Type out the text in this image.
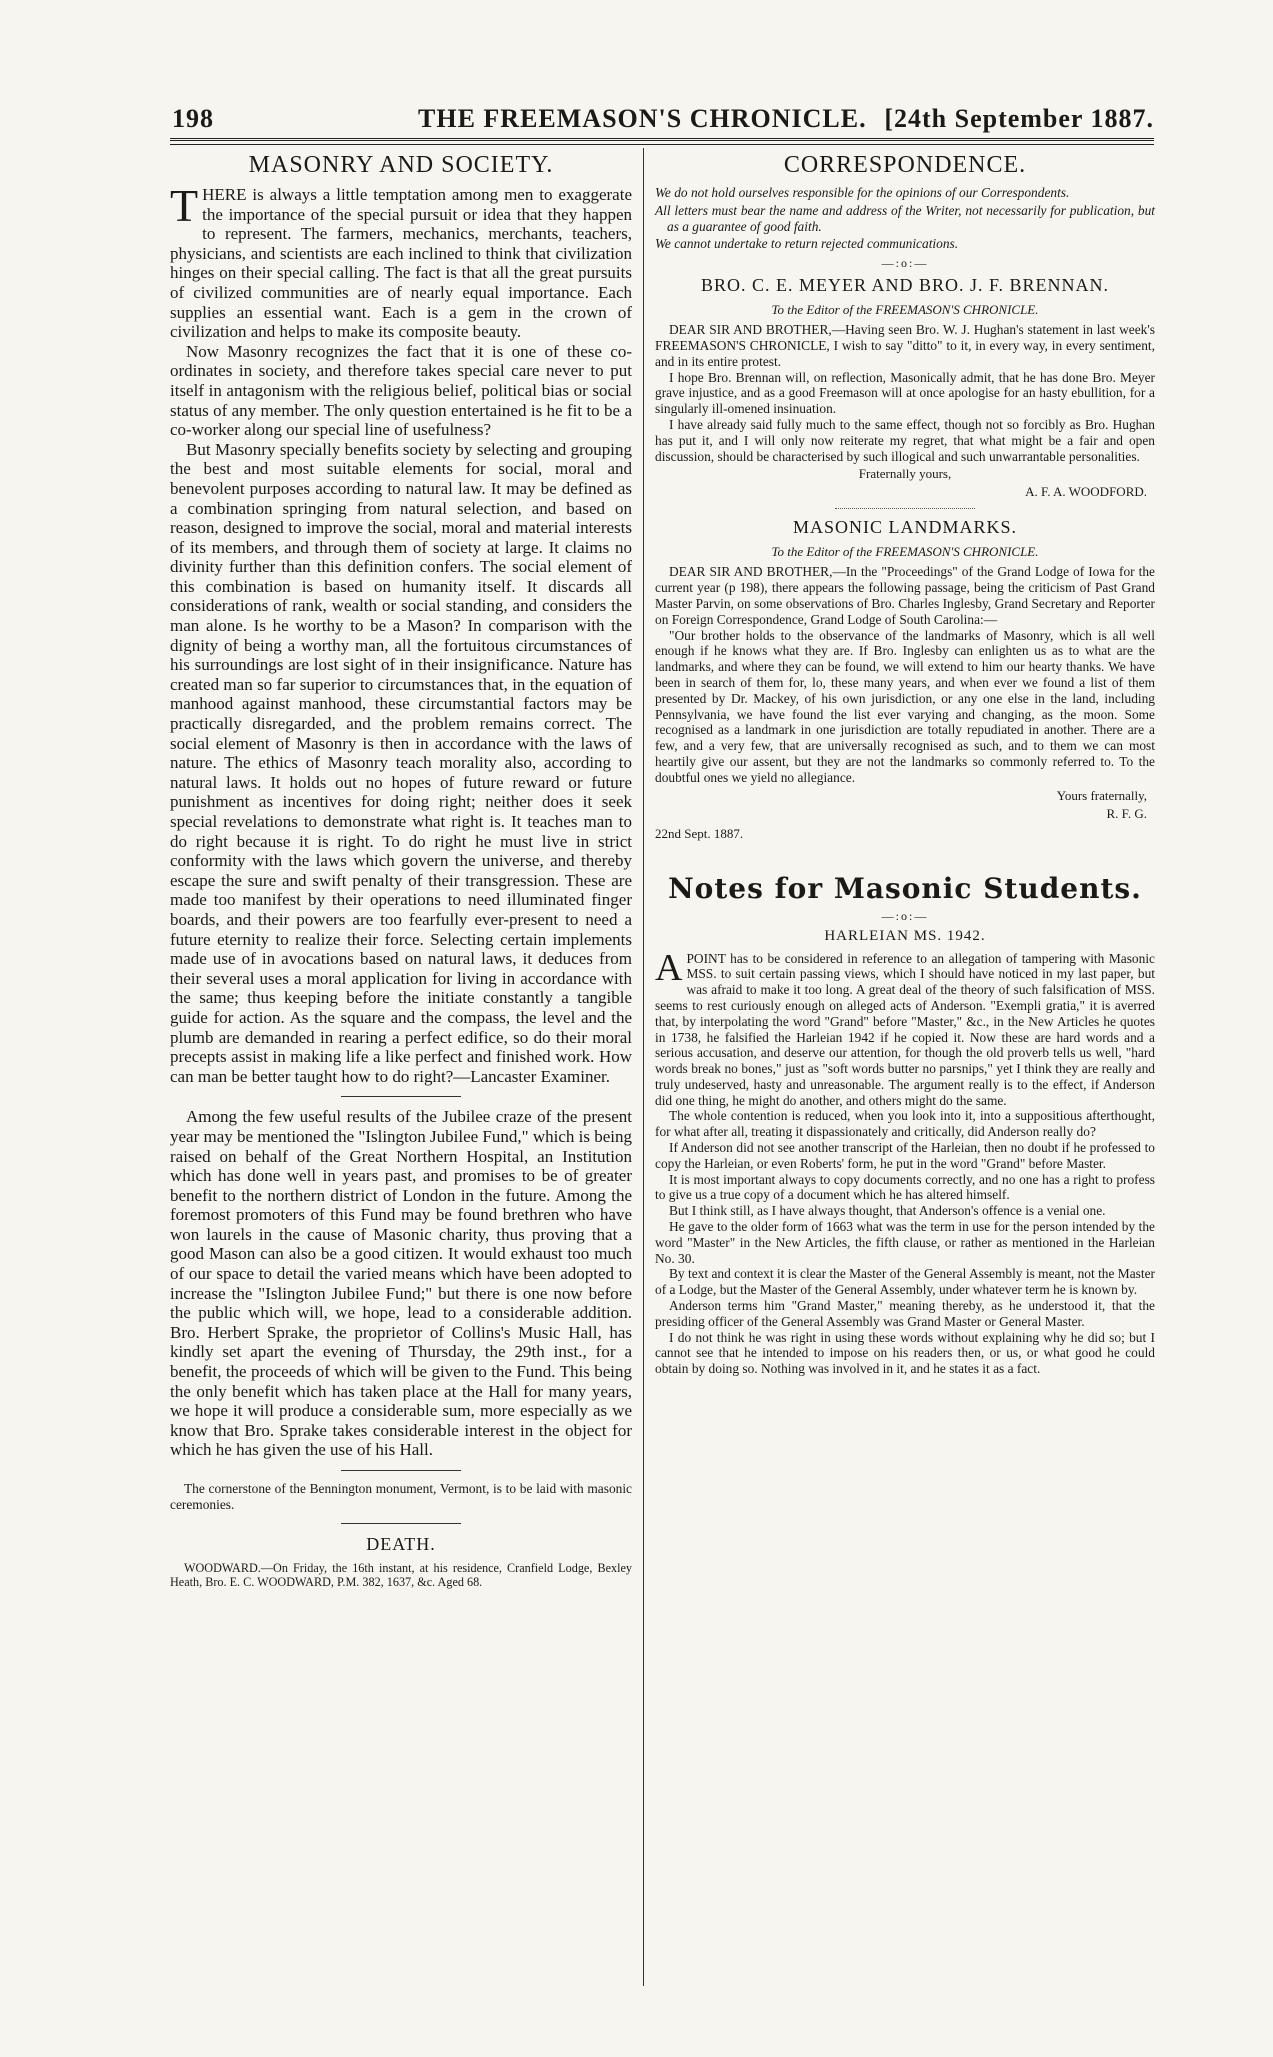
198	THE FREEMASON'S CHRONICLE. [24th September 1887.
MASONRY AND SOCIETY.

THERE is always a little temptation among men to exaggerate the importance of the special pursuit or idea that they happen to represent. The farmers, mechanics, merchants, teachers, physicians, and scientists are each inclined to think that civilization hinges on their special calling. The fact is that all the great pursuits of civilized communities are of nearly equal importance. Each supplies an essential want. Each is a gem in the crown of civilization and helps to make its composite beauty.

Now Masonry recognizes the fact that it is one of these co-ordinates in society, and therefore takes special care never to put itself in antagonism with the religious belief, political bias or social status of any member. The only question entertained is he fit to be a co-worker along our special line of usefulness?

But Masonry specially benefits society by selecting and grouping the best and most suitable elements for social, moral and benevolent purposes according to natural law. It may be defined as a combination springing from natural selection, and based on reason, designed to improve the social, moral and material interests of its members, and through them of society at large. It claims no divinity further than this definition confers. The social element of this combination is based on humanity itself. It discards all considerations of rank, wealth or social standing, and considers the man alone. Is he worthy to be a Mason? In comparison with the dignity of being a worthy man, all the fortuitous circumstances of his surroundings are lost sight of in their insignificance. Nature has created man so far superior to circumstances that, in the equation of manhood against manhood, these circumstantial factors may be practically disregarded, and the problem remains correct. The social element of Masonry is then in accordance with the laws of nature. The ethics of Masonry teach morality also, according to natural laws. It holds out no hopes of future reward or future punishment as incentives for doing right; neither does it seek special revelations to demonstrate what right is. It teaches man to do right because it is right. To do right he must live in strict conformity with the laws which govern the universe, and thereby escape the sure and swift penalty of their transgression. These are made too manifest by their operations to need illuminated finger boards, and their powers are too fearfully ever-present to need a future eternity to realize their force. Selecting certain implements made use of in avocations based on natural laws, it deduces from their several uses a moral application for living in accordance with the same; thus keeping before the initiate constantly a tangible guide for action. As the square and the compass, the level and the plumb are demanded in rearing a perfect edifice, so do their moral precepts assist in making life a like perfect and finished work. How can man be better taught how to do right?—Lancaster Examiner.

Among the few useful results of the Jubilee craze of the present year may be mentioned the "Islington Jubilee Fund," which is being raised on behalf of the Great Northern Hospital, an Institution which has done well in years past, and promises to be of greater benefit to the northern district of London in the future. Among the foremost promoters of this Fund may be found brethren who have won laurels in the cause of Masonic charity, thus proving that a good Mason can also be a good citizen. It would exhaust too much of our space to detail the varied means which have been adopted to increase the "Islington Jubilee Fund;" but there is one now before the public which will, we hope, lead to a considerable addition. Bro. Herbert Sprake, the proprietor of Collins's Music Hall, has kindly set apart the evening of Thursday, the 29th inst., for a benefit, the proceeds of which will be given to the Fund. This being the only benefit which has taken place at the Hall for many years, we hope it will produce a considerable sum, more especially as we know that Bro. Sprake takes considerable interest in the object for which he has given the use of his Hall.

The cornerstone of the Bennington monument, Vermont, is to be laid with masonic ceremonies.

DEATH.

WOODWARD.—On Friday, the 16th instant, at his residence, Cranfield Lodge, Bexley Heath, Bro. E. C. WOODWARD, P.M. 382, 1637, &c. Aged 68.

CORRESPONDENCE.

We do not hold ourselves responsible for the opinions of our Correspondents.

All letters must bear the name and address of the Writer, not necessarily for publication, but as a guarantee of good faith.

We cannot undertake to return rejected communications.

—:o:—
BRO. C. E. MEYER AND BRO. J. F. BRENNAN.
To the Editor of the FREEMASON'S CHRONICLE.

DEAR SIR AND BROTHER,—Having seen Bro. W. J. Hughan's statement in last week's FREEMASON'S CHRONICLE, I wish to say "ditto" to it, in every way, in every sentiment, and in its entire protest.

I hope Bro. Brennan will, on reflection, Masonically admit, that he has done Bro. Meyer grave injustice, and as a good Freemason will at once apologise for an hasty ebullition, for a singularly ill-omened insinuation.

I have already said fully much to the same effect, though not so forcibly as Bro. Hughan has put it, and I will only now reiterate my regret, that what might be a fair and open discussion, should be characterised by such illogical and such unwarrantable personalities.

Fraternally yours,
A. F. A. WOODFORD.
MASONIC LANDMARKS.
To the Editor of the FREEMASON'S CHRONICLE.

DEAR SIR AND BROTHER,—In the "Proceedings" of the Grand Lodge of Iowa for the current year (p 198), there appears the following passage, being the criticism of Past Grand Master Parvin, on some observations of Bro. Charles Inglesby, Grand Secretary and Reporter on Foreign Correspondence, Grand Lodge of South Carolina:—

"Our brother holds to the observance of the landmarks of Masonry, which is all well enough if he knows what they are. If Bro. Inglesby can enlighten us as to what are the landmarks, and where they can be found, we will extend to him our hearty thanks. We have been in search of them for, lo, these many years, and when ever we found a list of them presented by Dr. Mackey, of his own jurisdiction, or any one else in the land, including Pennsylvania, we have found the list ever varying and changing, as the moon. Some recognised as a landmark in one jurisdiction are totally repudiated in another. There are a few, and a very few, that are universally recognised as such, and to them we can most heartily give our assent, but they are not the landmarks so commonly referred to. To the doubtful ones we yield no allegiance.

Yours fraternally,
R. F. G.
22nd Sept. 1887.
Notes for Masonic Students.
—:o:—
HARLEIAN MS. 1942.

APOINT has to be considered in reference to an allegation of tampering with Masonic MSS. to suit certain passing views, which I should have noticed in my last paper, but was afraid to make it too long. A great deal of the theory of such falsification of MSS. seems to rest curiously enough on alleged acts of Anderson. "Exempli gratia," it is averred that, by interpolating the word "Grand" before "Master," &c., in the New Articles he quotes in 1738, he falsified the Harleian 1942 if he copied it. Now these are hard words and a serious accusation, and deserve our attention, for though the old proverb tells us well, "hard words break no bones," just as "soft words butter no parsnips," yet I think they are really and truly undeserved, hasty and unreasonable. The argument really is to the effect, if Anderson did one thing, he might do another, and others might do the same.

The whole contention is reduced, when you look into it, into a suppositious afterthought, for what after all, treating it dispassionately and critically, did Anderson really do?

If Anderson did not see another transcript of the Harleian, then no doubt if he professed to copy the Harleian, or even Roberts' form, he put in the word "Grand" before Master.

It is most important always to copy documents correctly, and no one has a right to profess to give us a true copy of a document which he has altered himself.

But I think still, as I have always thought, that Anderson's offence is a venial one.

He gave to the older form of 1663 what was the term in use for the person intended by the word "Master" in the New Articles, the fifth clause, or rather as mentioned in the Harleian No. 30.

By text and context it is clear the Master of the General Assembly is meant, not the Master of a Lodge, but the Master of the General Assembly, under whatever term he is known by.

Anderson terms him "Grand Master," meaning thereby, as he understood it, that the presiding officer of the General Assembly was Grand Master or General Master.

I do not think he was right in using these words without explaining why he did so; but I cannot see that he intended to impose on his readers then, or us, or what good he could obtain by doing so. Nothing was involved in it, and he states it as a fact.
